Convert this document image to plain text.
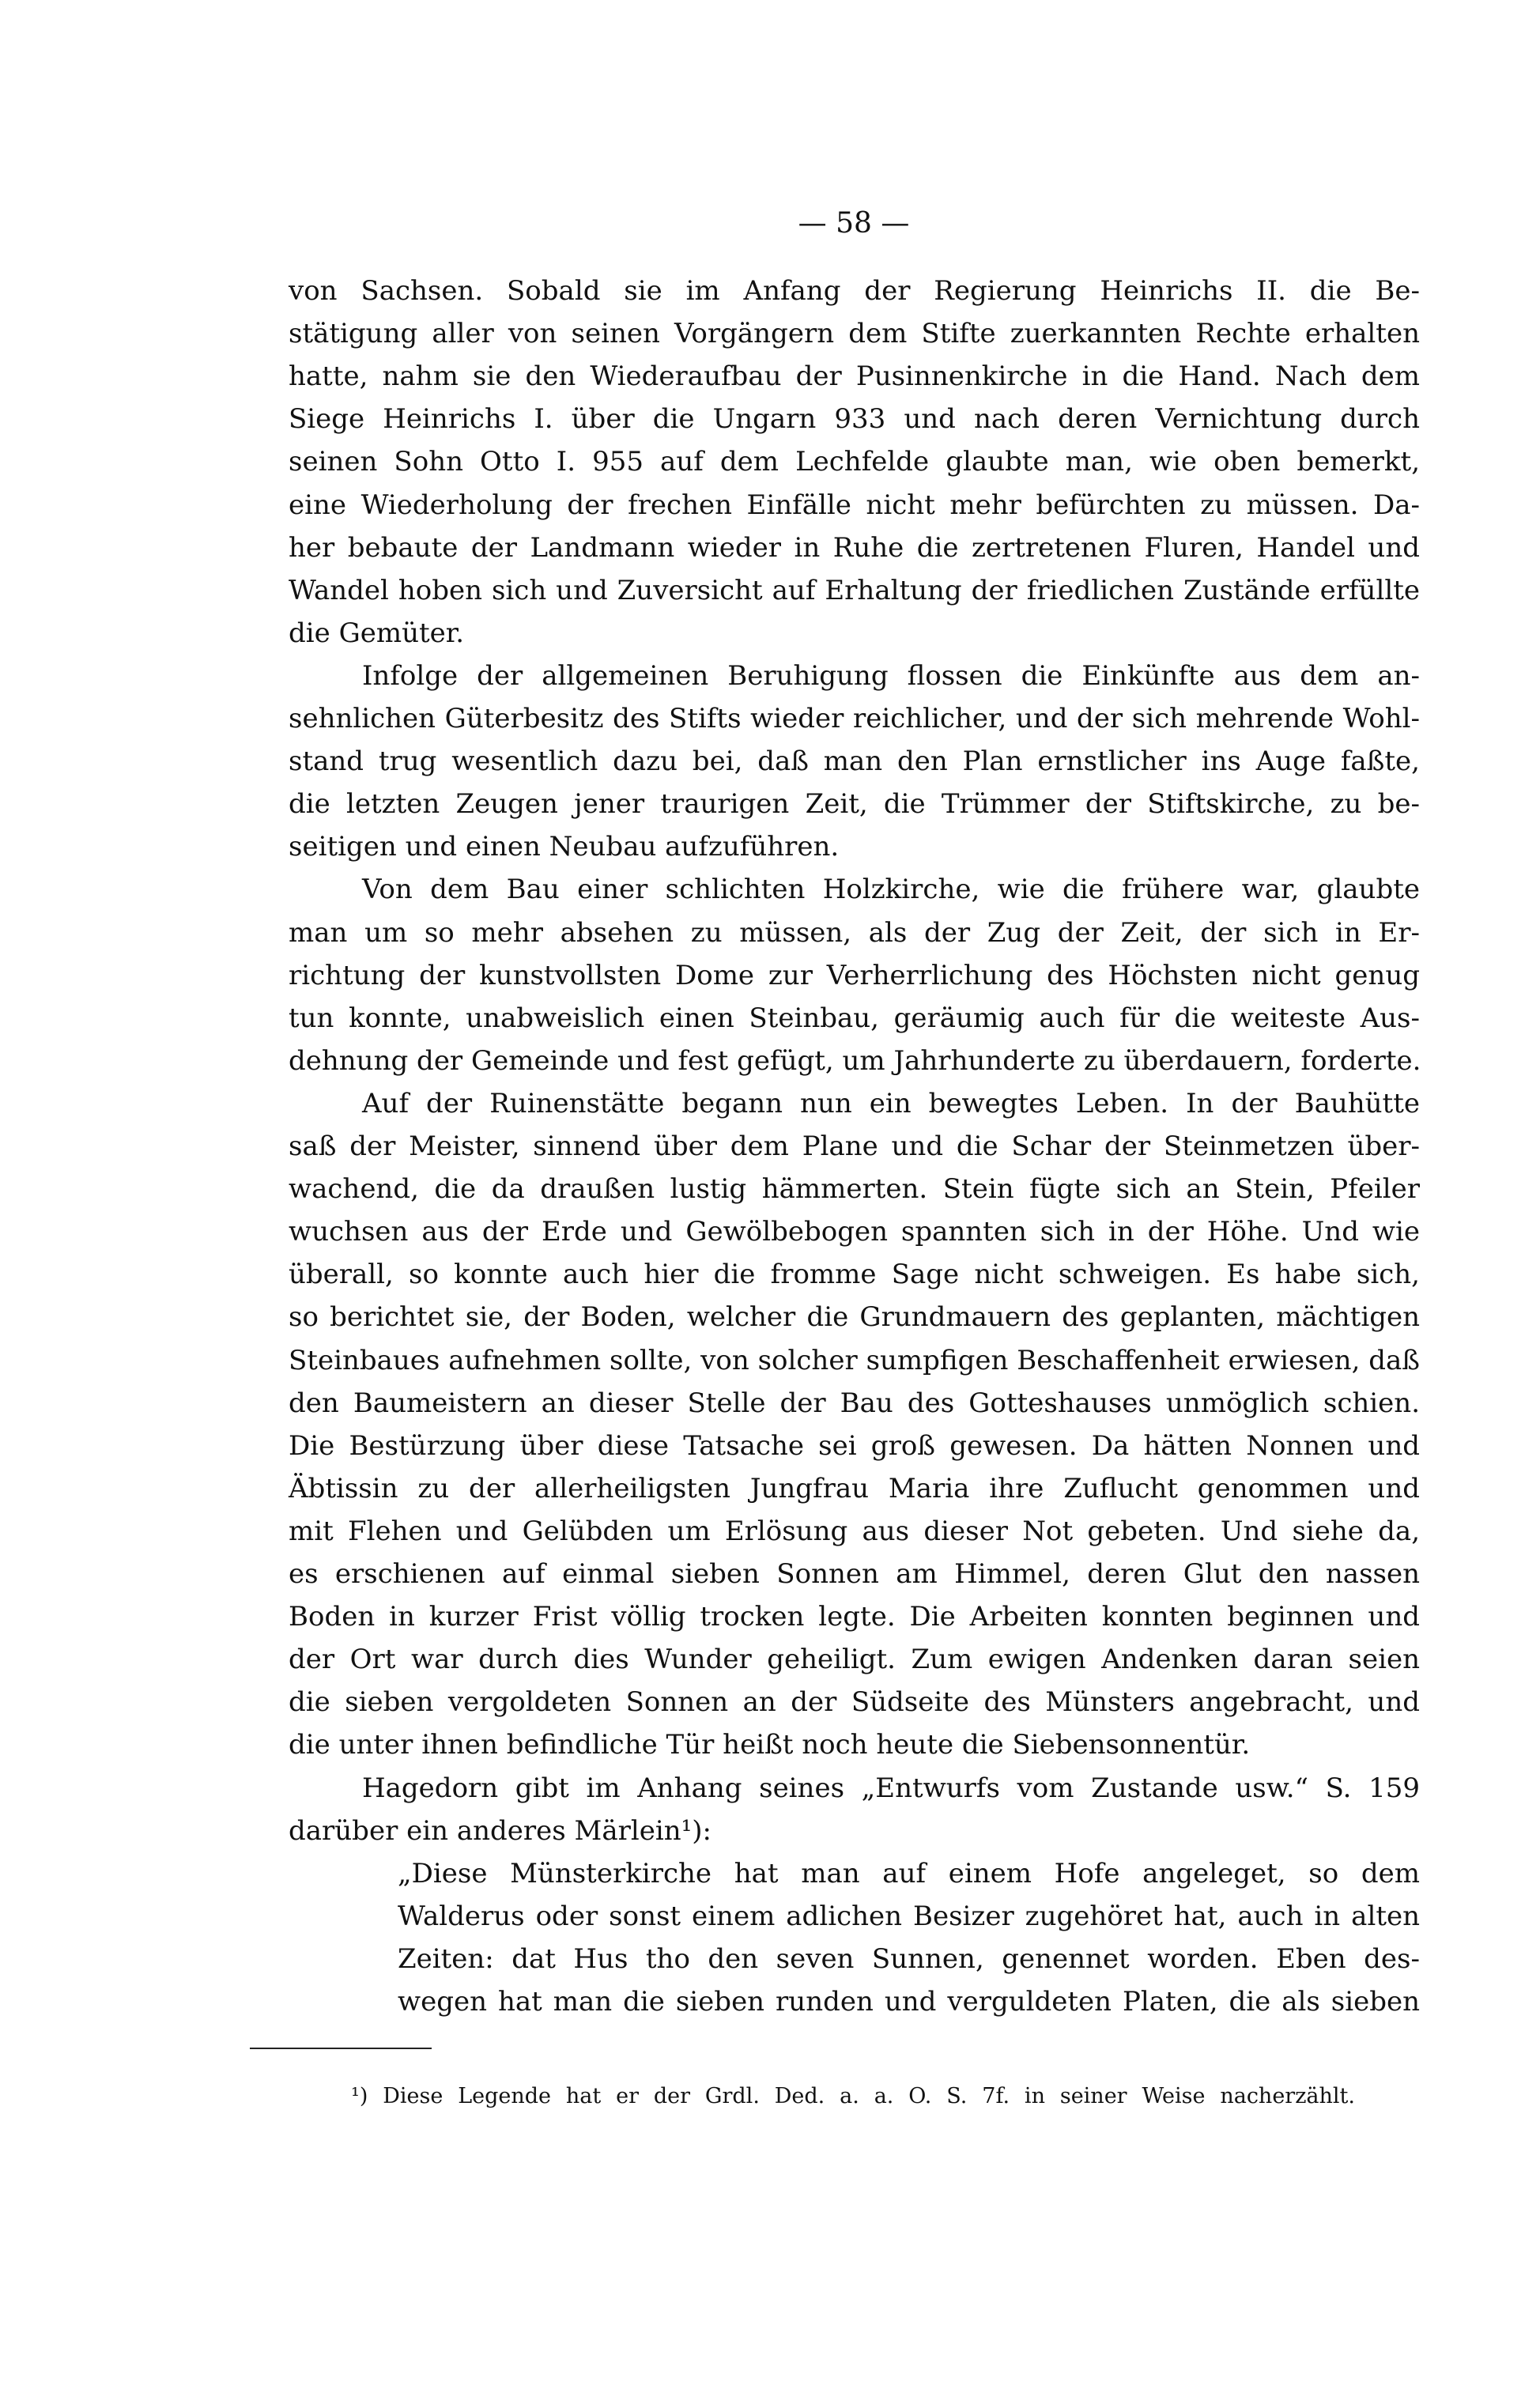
— 58 —
von Sachsen. Sobald sie im Anfang der Regierung Heinrichs II. die Be-
stätigung aller von seinen Vorgängern dem Stifte zuerkannten Rechte erhalten
hatte, nahm sie den Wiederaufbau der Pusinnenkirche in die Hand. Nach dem
Siege Heinrichs I. über die Ungarn 933 und nach deren Vernichtung durch
seinen Sohn Otto I. 955 auf dem Lechfelde glaubte man, wie oben bemerkt,
eine Wiederholung der frechen Einfälle nicht mehr befürchten zu müssen. Da-
her bebaute der Landmann wieder in Ruhe die zertretenen Fluren, Handel und
Wandel hoben sich und Zuversicht auf Erhaltung der friedlichen Zustände erfüllte
die Gemüter.
Infolge der allgemeinen Beruhigung flossen die Einkünfte aus dem an-
sehnlichen Güterbesitz des Stifts wieder reichlicher, und der sich mehrende Wohl-
stand trug wesentlich dazu bei, daß man den Plan ernstlicher ins Auge faßte,
die letzten Zeugen jener traurigen Zeit, die Trümmer der Stiftskirche, zu be-
seitigen und einen Neubau aufzuführen.
Von dem Bau einer schlichten Holzkirche, wie die frühere war, glaubte
man um so mehr absehen zu müssen, als der Zug der Zeit, der sich in Er-
richtung der kunstvollsten Dome zur Verherrlichung des Höchsten nicht genug
tun konnte, unabweislich einen Steinbau, geräumig auch für die weiteste Aus-
dehnung der Gemeinde und fest gefügt, um Jahrhunderte zu überdauern, forderte.
Auf der Ruinenstätte begann nun ein bewegtes Leben. In der Bauhütte
saß der Meister, sinnend über dem Plane und die Schar der Steinmetzen über-
wachend, die da draußen lustig hämmerten. Stein fügte sich an Stein, Pfeiler
wuchsen aus der Erde und Gewölbebogen spannten sich in der Höhe. Und wie
überall, so konnte auch hier die fromme Sage nicht schweigen. Es habe sich,
so berichtet sie, der Boden, welcher die Grundmauern des geplanten, mächtigen
Steinbaues aufnehmen sollte, von solcher sumpfigen Beschaffenheit erwiesen, daß
den Baumeistern an dieser Stelle der Bau des Gotteshauses unmöglich schien.
Die Bestürzung über diese Tatsache sei groß gewesen. Da hätten Nonnen und
Äbtissin zu der allerheiligsten Jungfrau Maria ihre Zuflucht genommen und
mit Flehen und Gelübden um Erlösung aus dieser Not gebeten. Und siehe da,
es erschienen auf einmal sieben Sonnen am Himmel, deren Glut den nassen
Boden in kurzer Frist völlig trocken legte. Die Arbeiten konnten beginnen und
der Ort war durch dies Wunder geheiligt. Zum ewigen Andenken daran seien
die sieben vergoldeten Sonnen an der Südseite des Münsters angebracht, und
die unter ihnen befindliche Tür heißt noch heute die Siebensonnentür.
Hagedorn gibt im Anhang seines „Entwurfs vom Zustande usw.“ S. 159
darüber ein anderes Märlein¹):
„Diese Münsterkirche hat man auf einem Hofe angeleget, so dem
Walderus oder sonst einem adlichen Besizer zugehöret hat, auch in alten
Zeiten: dat Hus tho den seven Sunnen, genennet worden. Eben des-
wegen hat man die sieben runden und verguldeten Platen, die als sieben
¹) Diese Legende hat er der Grdl. Ded. a. a. O. S. 7f. in seiner Weise nacherzählt.
